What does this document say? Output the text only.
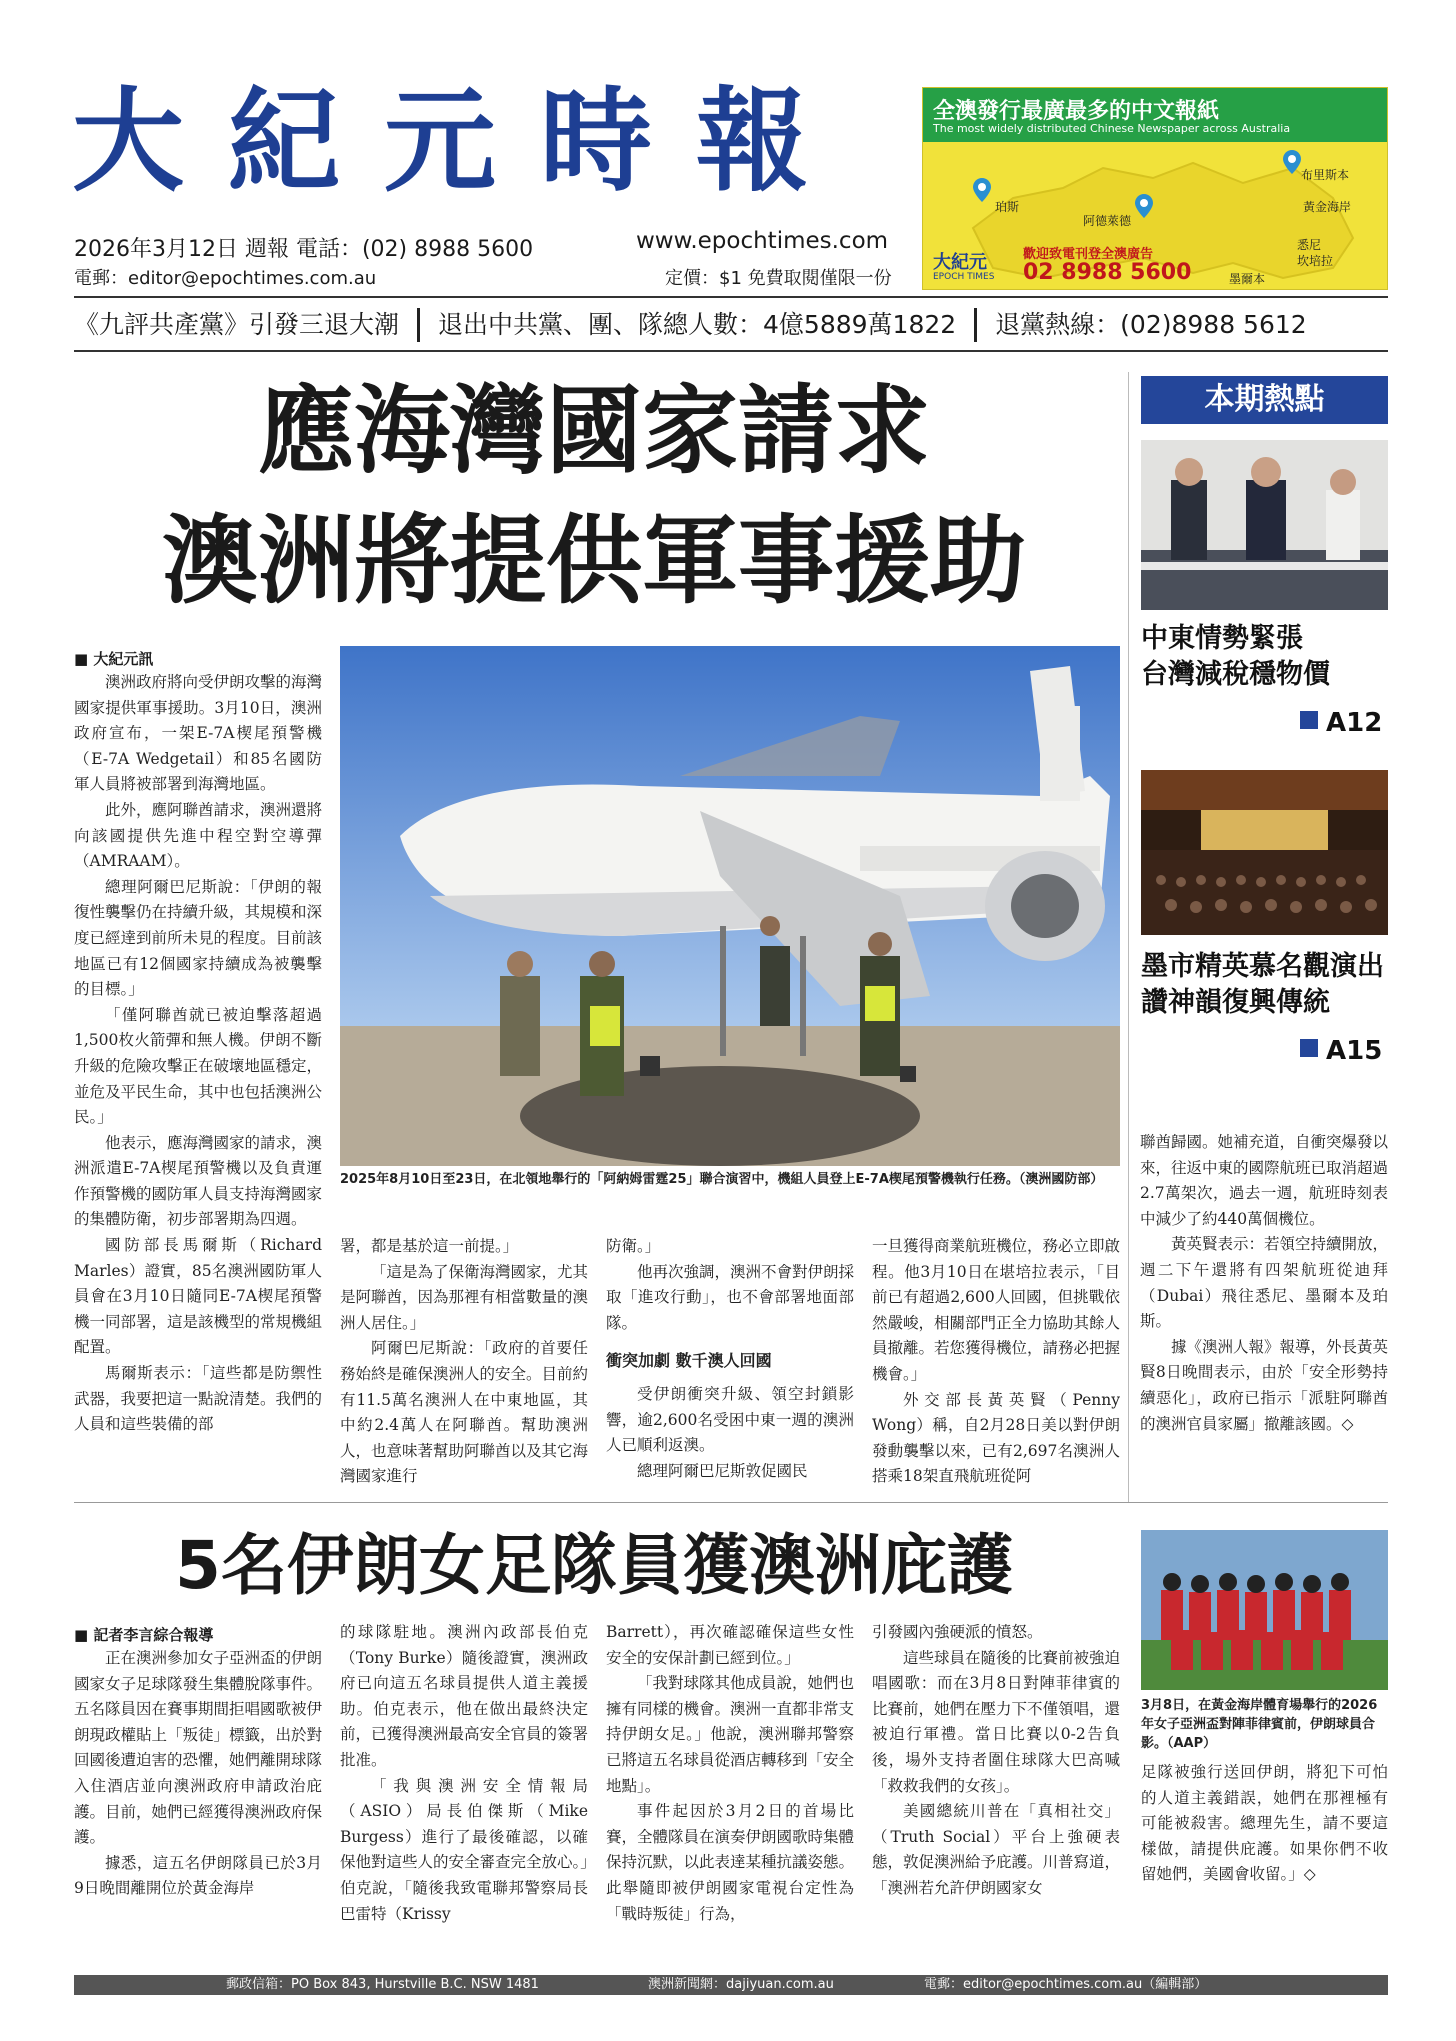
大紀元時報	全澳發行最廣最多的中文報紙
The most widely distributed Chinese Newspaper across Australia
布里斯本
黃金海岸
珀斯
阿德萊德
悉尼
坎培拉
墨爾本
大紀元
EPOCH TIMES
歡迎致電刊登全澳廣告
02 8988 5600
2026年3月12日 週報 電話：(02) 8988 5600
電郵：editor@epochtimes.com.au
www.epochtimes.com
定價：$1 免費取閱僅限一份
《九評共產黨》引發三退大潮 退出中共黨、團、隊總人數：4億5889萬1822 退黨熱線：(02)8988 5612
應海灣國家請求
澳洲將提供軍事援助
■ 大紀元訊
2025年8月10日至23日，在北領地舉行的「阿納姆雷霆25」聯合演習中，機組人員登上E-7A楔尾預警機執行任務。（澳洲國防部）

澳洲政府將向受伊朗攻擊的海灣國家提供軍事援助。3月10日，澳洲政府宣布，一架E-7A楔尾預警機（E-7A Wedgetail）和85名國防軍人員將被部署到海灣地區。

此外，應阿聯酋請求，澳洲還將向該國提供先進中程空對空導彈（AMRAAM）。

總理阿爾巴尼斯說：「伊朗的報復性襲擊仍在持續升級，其規模和深度已經達到前所未見的程度。目前該地區已有12個國家持續成為被襲擊的目標。」

「僅阿聯酋就已被迫擊落超過1,500枚火箭彈和無人機。伊朗不斷升級的危險攻擊正在破壞地區穩定，並危及平民生命，其中也包括澳洲公民。」

他表示，應海灣國家的請求，澳洲派遣E-7A楔尾預警機以及負責運作預警機的國防軍人員支持海灣國家的集體防衛，初步部署期為四週。

國防部長馬爾斯（Richard Marles）證實，85名澳洲國防軍人員會在3月10日隨同E-7A楔尾預警機一同部署，這是該機型的常規機組配置。

馬爾斯表示：「這些都是防禦性武器，我要把這一點說清楚。我們的人員和這些裝備的部

署，都是基於這一前提。」

「這是為了保衛海灣國家，尤其是阿聯酋，因為那裡有相當數量的澳洲人居住。」

阿爾巴尼斯說：「政府的首要任務始終是確保澳洲人的安全。目前約有11.5萬名澳洲人在中東地區，其中約2.4萬人在阿聯酋。幫助澳洲人，也意味著幫助阿聯酋以及其它海灣國家進行

防衛。」

他再次強調，澳洲不會對伊朗採取「進攻行動」，也不會部署地面部隊。

衝突加劇 數千澳人回國

受伊朗衝突升級、領空封鎖影響，逾2,600名受困中東一週的澳洲人已順利返澳。

總理阿爾巴尼斯敦促國民

一旦獲得商業航班機位，務必立即啟程。他3月10日在堪培拉表示，「目前已有超過2,600人回國，但挑戰依然嚴峻，相關部門正全力協助其餘人員撤離。若您獲得機位，請務必把握機會。」

外交部長黃英賢（Penny Wong）稱，自2月28日美以對伊朗發動襲擊以來，已有2,697名澳洲人搭乘18架直飛航班從阿

聯酋歸國。她補充道，自衝突爆發以來，往返中東的國際航班已取消超過2.7萬架次，過去一週，航班時刻表中減少了約440萬個機位。

黃英賢表示：若領空持續開放，週二下午還將有四架航班從迪拜（Dubai）飛往悉尼、墨爾本及珀斯。

據《澳洲人報》報導，外長黃英賢8日晚間表示，由於「安全形勢持續惡化」，政府已指示「派駐阿聯酋的澳洲官員家屬」撤離該國。◇

本期熱點
中東情勢緊張
台灣減稅穩物價
A12
墨市精英慕名觀演出
讚神韻復興傳統
A15
5名伊朗女足隊員獲澳洲庇護
■ 記者李言綜合報導

正在澳洲參加女子亞洲盃的伊朗國家女子足球隊發生集體脫隊事件。五名隊員因在賽事期間拒唱國歌被伊朗現政權貼上「叛徒」標籤，出於對回國後遭迫害的恐懼，她們離開球隊入住酒店並向澳洲政府申請政治庇護。目前，她們已經獲得澳洲政府保護。

據悉，這五名伊朗隊員已於3月9日晚間離開位於黃金海岸

的球隊駐地。澳洲內政部長伯克（Tony Burke）隨後證實，澳洲政府已向這五名球員提供人道主義援助。伯克表示，他在做出最終決定前，已獲得澳洲最高安全官員的簽署批准。

「我與澳洲安全情報局（ASIO）局長伯傑斯（Mike Burgess）進行了最後確認，以確保他對這些人的安全審查完全放心。」伯克說，「隨後我致電聯邦警察局長巴雷特（Krissy

Barrett），再次確認確保這些女性安全的安保計劃已經到位。」

「我對球隊其他成員說，她們也擁有同樣的機會。澳洲一直都非常支持伊朗女足。」他說，澳洲聯邦警察已將這五名球員從酒店轉移到「安全地點」。

事件起因於3月2日的首場比賽，全體隊員在演奏伊朗國歌時集體保持沉默，以此表達某種抗議姿態。此舉隨即被伊朗國家電視台定性為「戰時叛徒」行為，

引發國內強硬派的憤怒。

這些球員在隨後的比賽前被強迫唱國歌：而在3月8日對陣菲律賓的比賽前，她們在壓力下不僅領唱，還被迫行軍禮。當日比賽以0-2告負後，場外支持者圍住球隊大巴高喊「救救我們的女孩」。

美國總統川普在「真相社交」（Truth Social）平台上強硬表態，敦促澳洲給予庇護。川普寫道，「澳洲若允許伊朗國家女

3月8日，在黃金海岸體育場舉行的2026年女子亞洲盃對陣菲律賓前，伊朗球員合影。（AAP）

足隊被強行送回伊朗，將犯下可怕的人道主義錯誤，她們在那裡極有可能被殺害。總理先生，請不要這樣做，請提供庇護。如果你們不收留她們，美國會收留。」◇

郵政信箱：PO Box 843, Hurstville B.C. NSW 1481	澳洲新聞網：dajiyuan.com.au	電郵：editor@epochtimes.com.au（編輯部）
